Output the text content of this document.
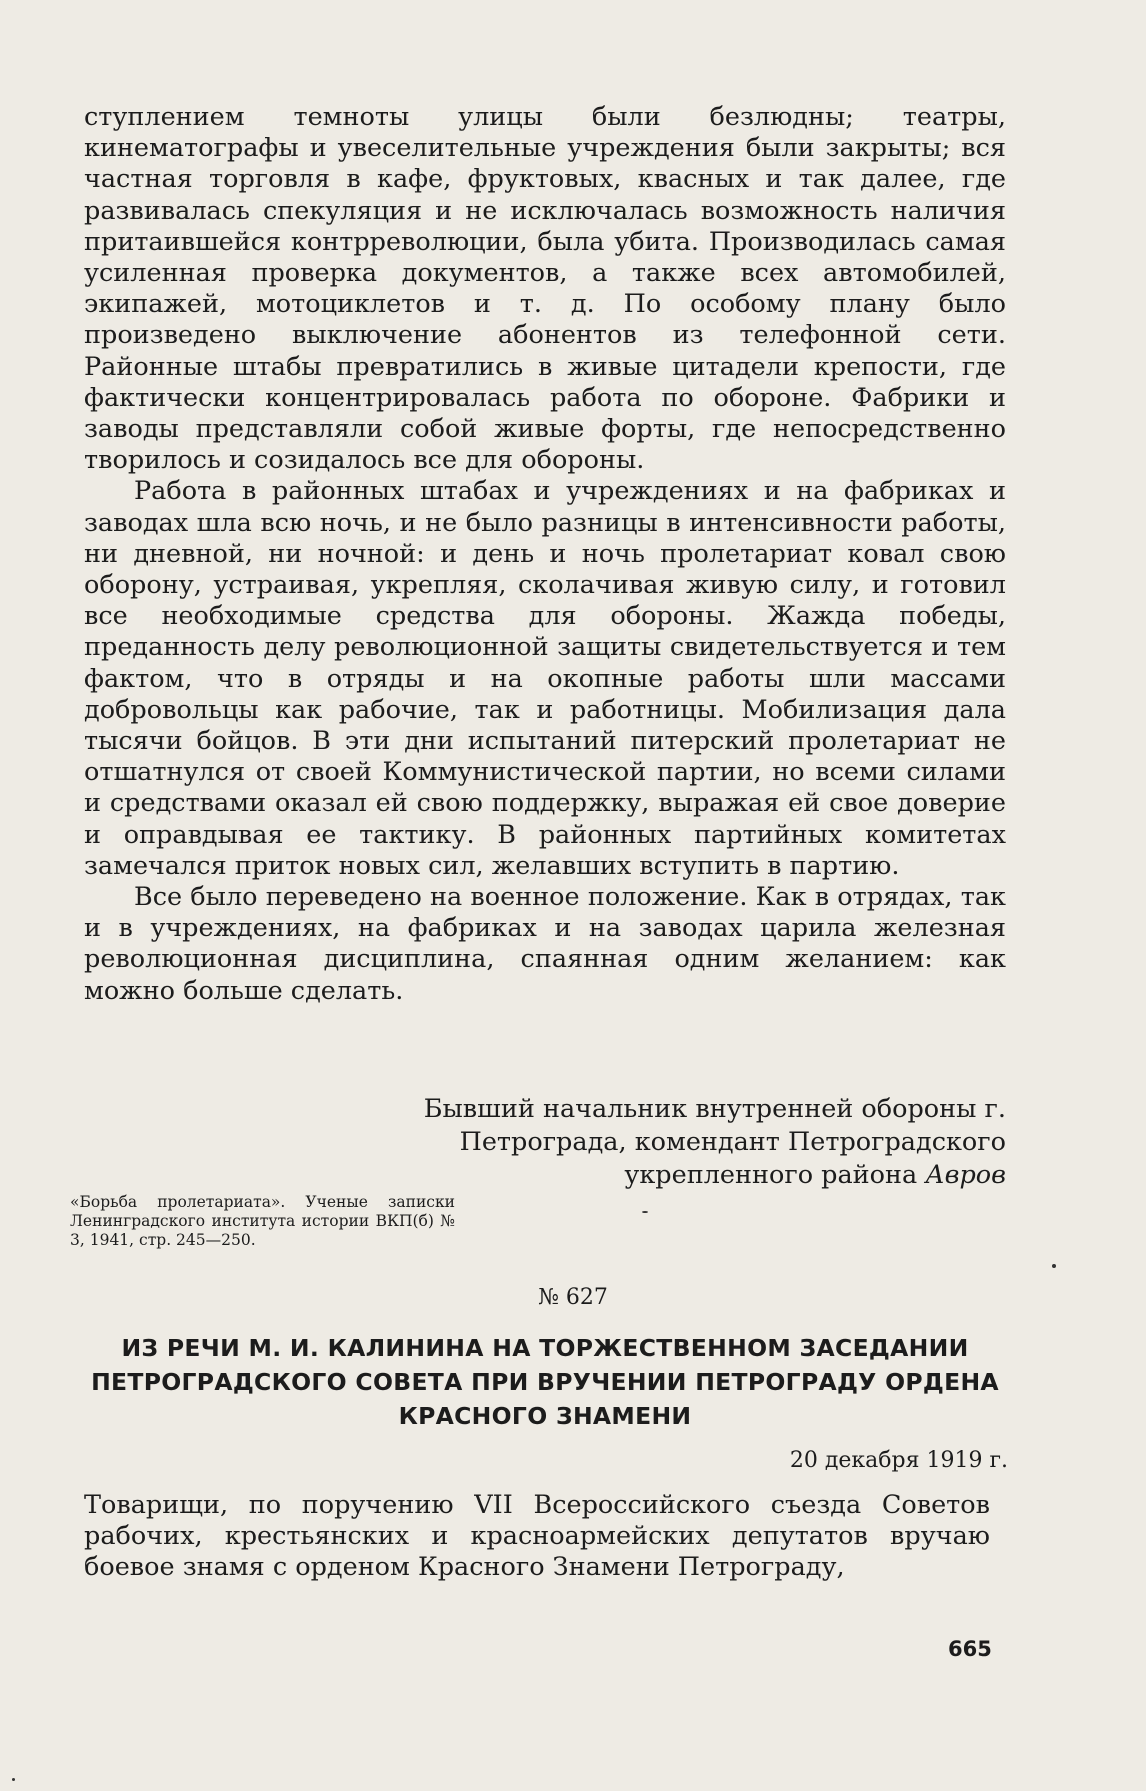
ступлением темноты улицы были безлюдны; театры, кинематографы и увеселительные учреждения были закрыты; вся частная торговля в кафе, фруктовых, квасных и так далее, где развивалась спекуляция и не исключалась возможность наличия притаившейся контрреволюции, была убита. Производилась самая усиленная проверка документов, а также всех автомобилей, экипажей, мотоциклетов и т. д. По особому плану было произведено выключение абонентов из телефонной сети. Районные штабы превратились в живые цитадели крепости, где фактически концентрировалась работа по обороне. Фабрики и заводы представляли собой живые форты, где непосредственно творилось и созидалось все для обороны.

Работа в районных штабах и учреждениях и на фабриках и заводах шла всю ночь, и не было разницы в интенсивности работы, ни дневной, ни ночной: и день и ночь пролетариат ковал свою оборону, устраивая, укрепляя, сколачивая живую силу, и готовил все необходимые средства для обороны. Жажда победы, преданность делу революционной защиты свидетельствуется и тем фактом, что в отряды и на окопные работы шли массами добровольцы как рабочие, так и работницы. Мобилизация дала тысячи бойцов. В эти дни испытаний питерский пролетариат не отшатнулся от своей Коммунистической партии, но всеми силами и средствами оказал ей свою поддержку, выражая ей свое доверие и оправдывая ее тактику. В районных партийных комитетах замечался приток новых сил, желавших вступить в партию.

Все было переведено на военное положение. Как в отрядах, так и в учреждениях, на фабриках и на заводах царила железная революционная дисциплина, спаянная одним желанием: как можно больше сделать.

Бывший начальник внутренней обороны г. Петрограда, комендант Петроградского укрепленного района Авров
«Борьба пролетариата». Ученые записки Ленинградского института истории ВКП(б) № 3, 1941, стр. 245—250.
№ 627
ИЗ РЕЧИ М. И. КАЛИНИНА НА ТОРЖЕСТВЕННОМ ЗАСЕДАНИИ ПЕТРОГРАДСКОГО СОВЕТА ПРИ ВРУЧЕНИИ ПЕТРОГРАДУ ОРДЕНА КРАСНОГО ЗНАМЕНИ
20 декабря 1919 г.

Товарищи, по поручению VII Всероссийского съезда Советов рабочих, крестьянских и красноармейских депутатов вручаю боевое знамя с орденом Красного Знамени Петрограду,

665
